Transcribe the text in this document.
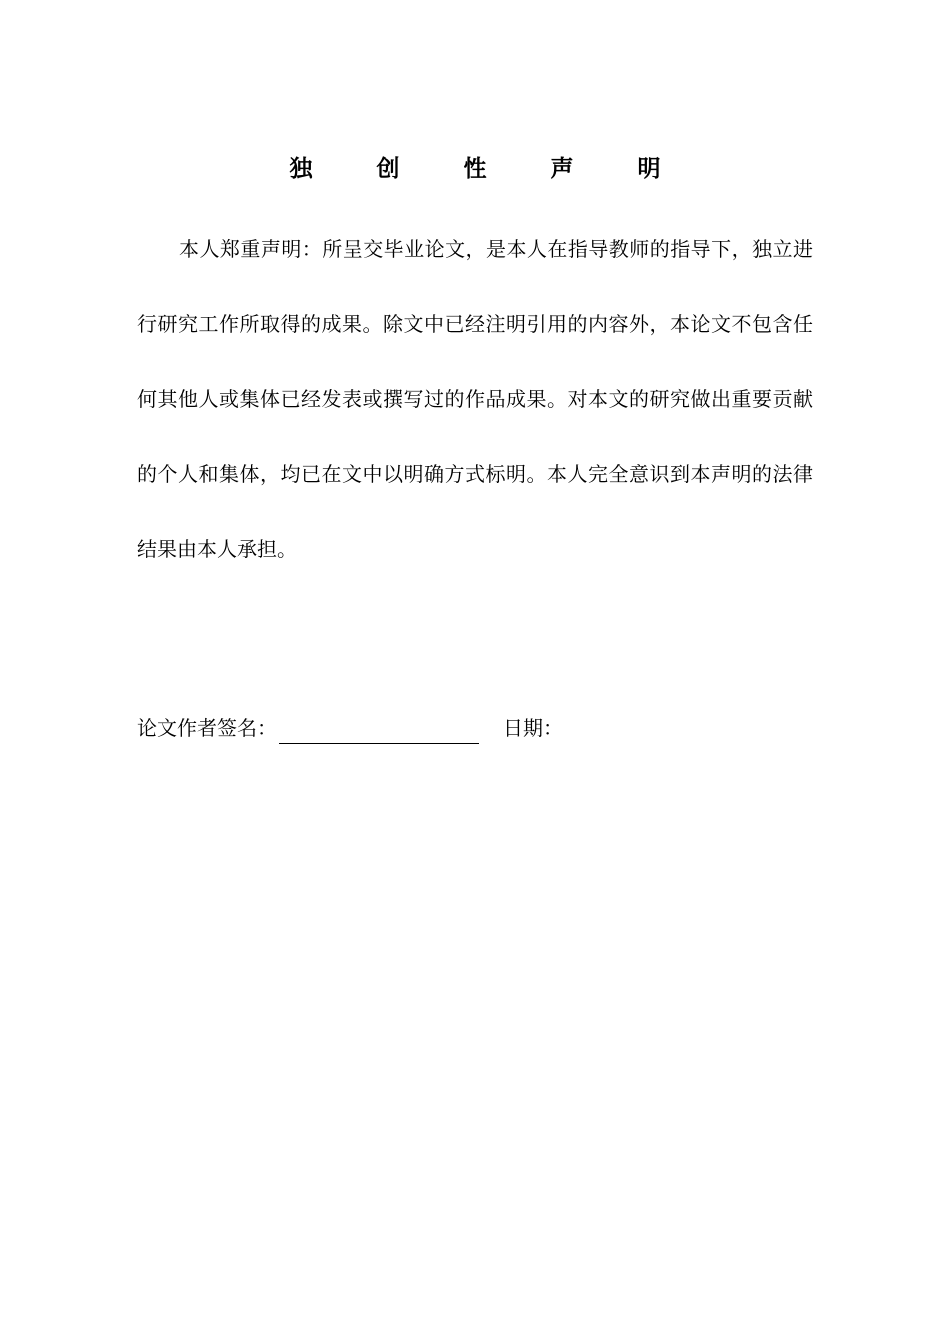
独 创 性 声 明

本人郑重声明：所呈交毕业论文，是本人在指导教师的指导下，独立进行研究工作所取得的成果。除文中已经注明引用的内容外，本论文不包含任何其他人或集体已经发表或撰写过的作品成果。对本文的研究做出重要贡献的个人和集体，均已在文中以明确方式标明。本人完全意识到本声明的法律结果由本人承担。

论文作者签名：	日期：
